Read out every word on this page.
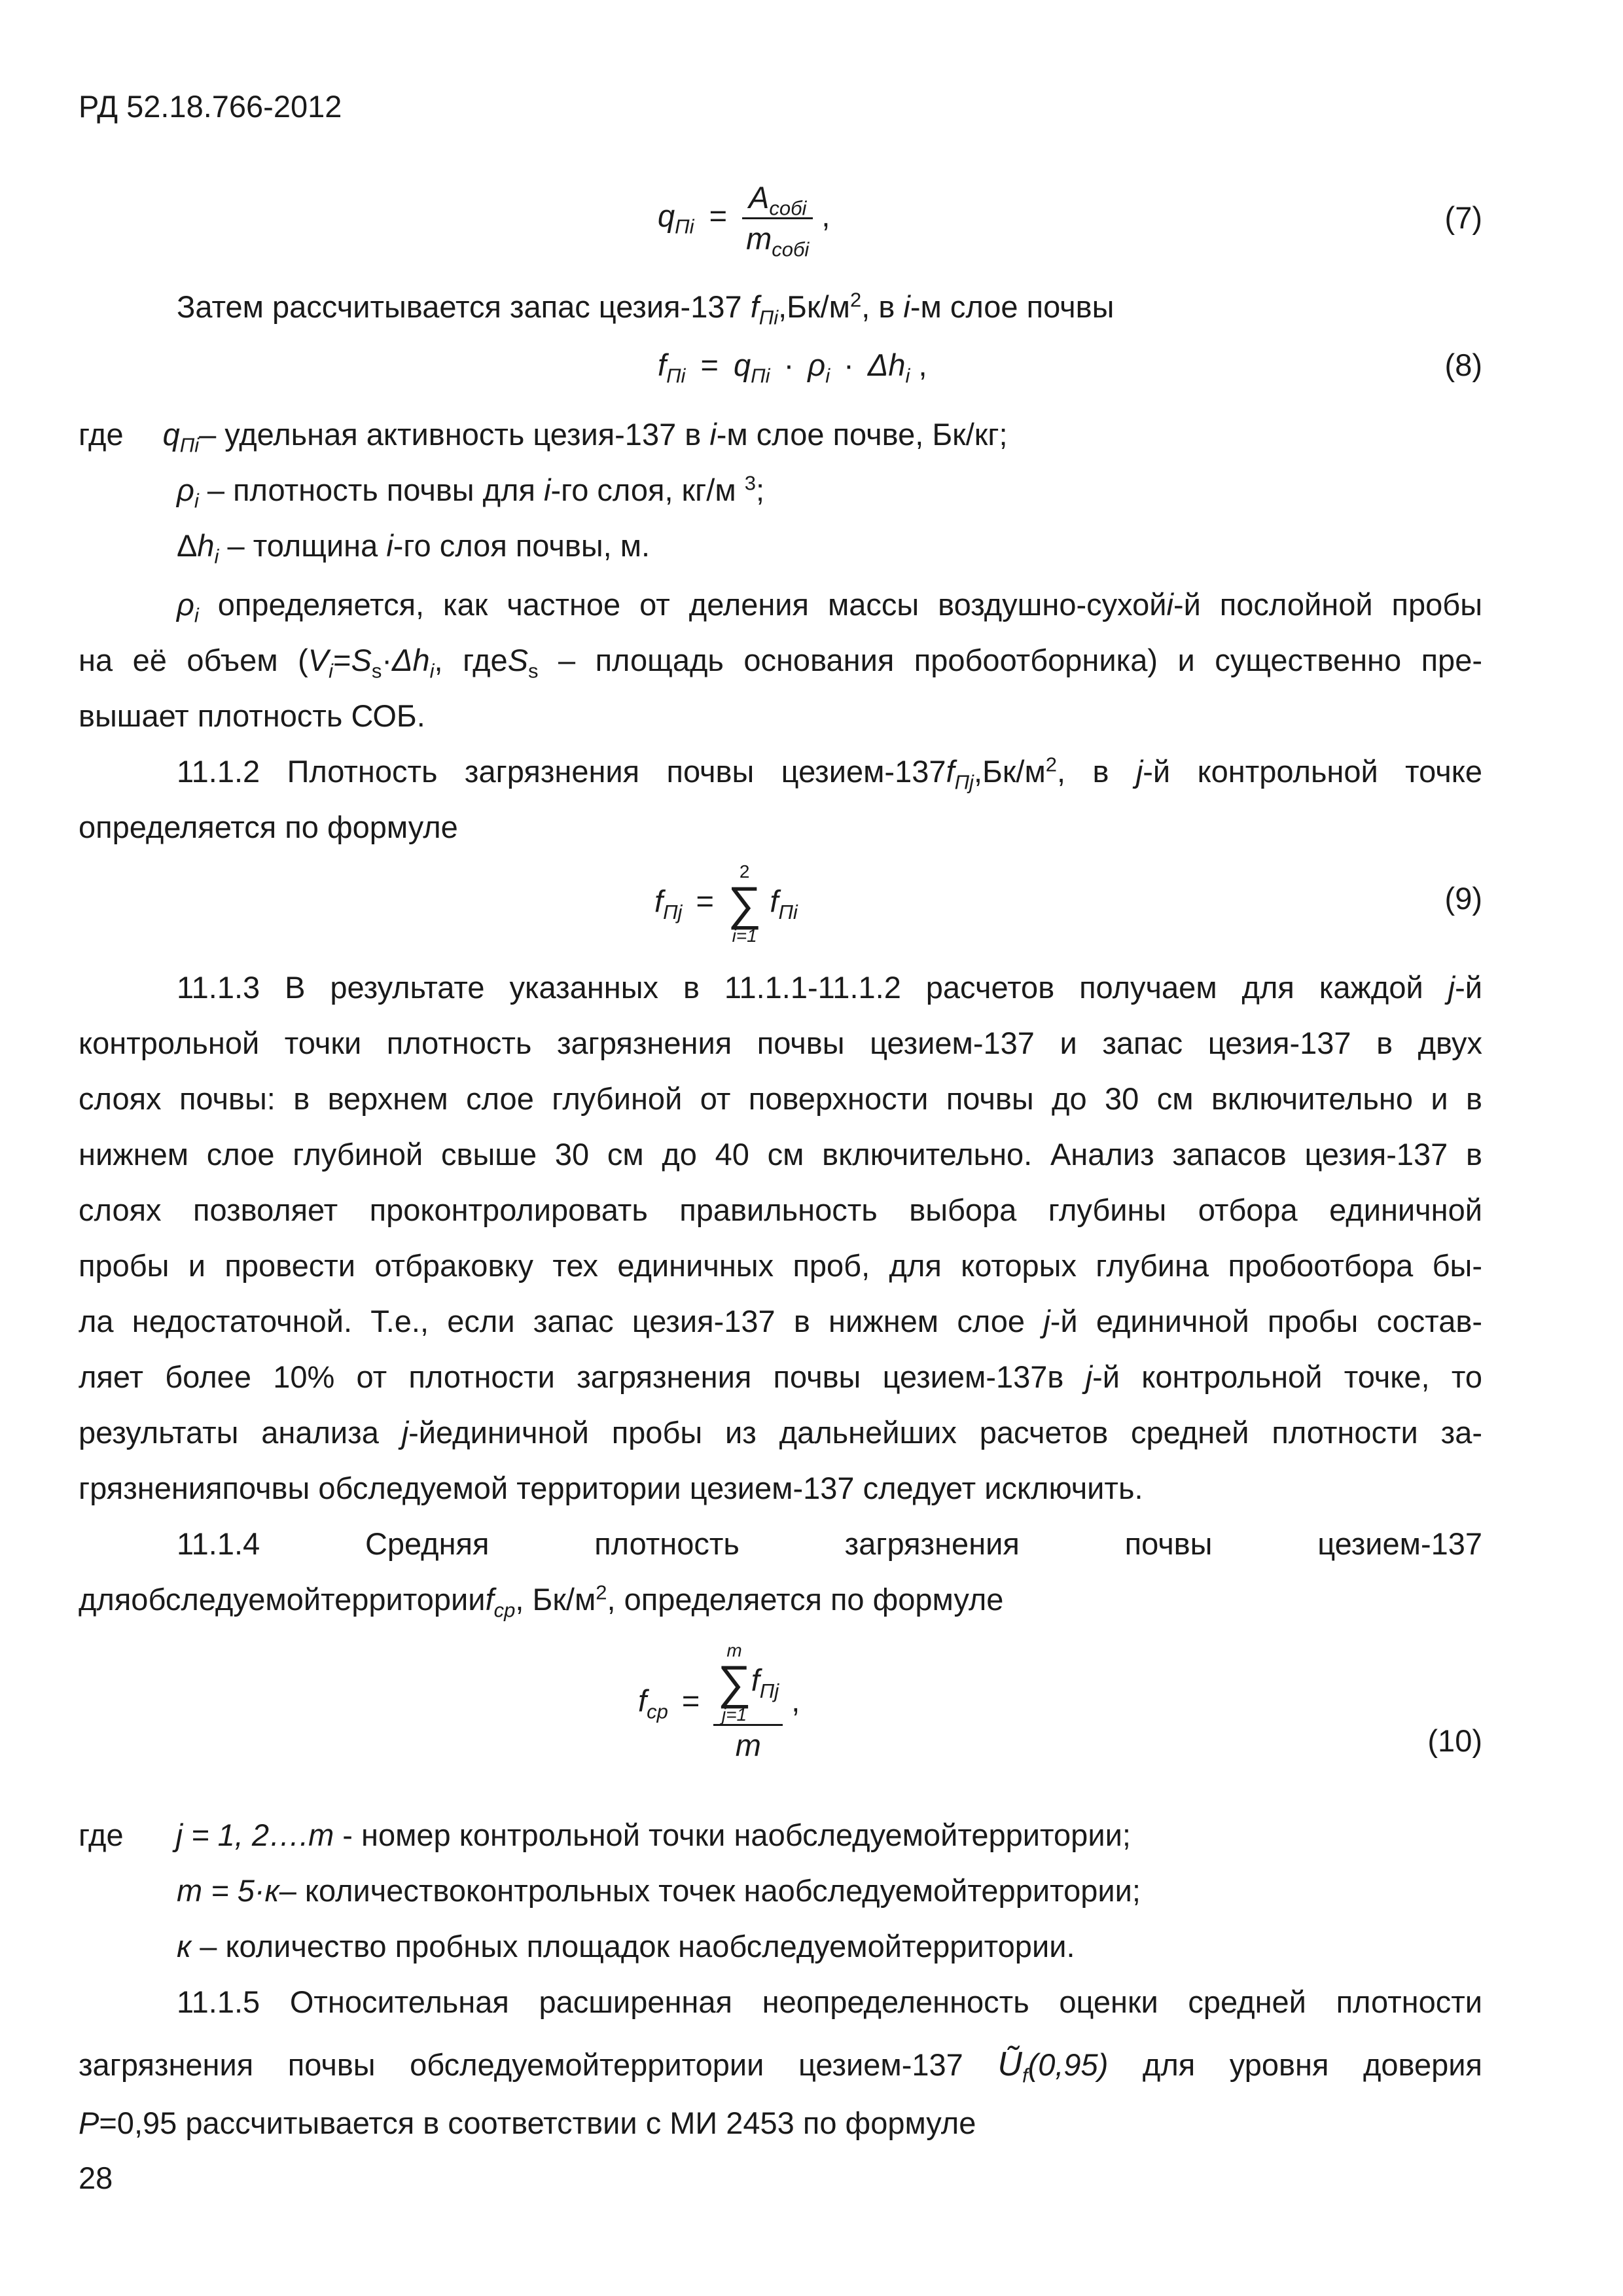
РД 52.18.766-2012
$q_{Пi} = \frac{A_{собi}}{m_{собi}}$ ,	(7)
Затем рассчитывается запас цезия-137 $f_{Пi},Бк/м^2$, в i-м слое почвы
$f_{Пi} = q_{Пi} \cdot \rho_i \cdot \Delta h_i$ ,	(8)
где $q_{Пi}-$ удельная активность цезия-137 в i-м слое почве, Бк/кг;
$\rho_i$ – плотность почвы для i-го слоя, кг/м $^3$;
$\Delta h_i$ – толщина i-го слоя почвы, м.
$\rho_i$ определяется, как частное от деления массы воздушно-сухойi-й послойной пробы
на её объем ($V_i=S_s\cdot\Delta h_i$, гдеS$_s$ – площадь основания пробоотборника) и существенно пре-
вышает плотность СОБ.
11.1.2 Плотность загрязнения почвы цезием-$137f_{Пj},Бк/м^2$, в j-й контрольной точке
определяется по формуле
$f_{Пj}$ =
2
∑
i=1
$f_{Пi}$	(9)
11.1.3 В результате указанных в 11.1.1-11.1.2 расчетов получаем для каждой j-й
контрольной точки плотность загрязнения почвы цезием-137 и запас цезия-137 в двух
слоях почвы: в верхнем слое глубиной от поверхности почвы до 30 см включительно и в
нижнем слое глубиной свыше 30 см до 40 см включительно. Анализ запасов цезия-137 в
слоях позволяет проконтролировать правильность выбора глубины отбора единичной
пробы и провести отбраковку тех единичных проб, для которых глубина пробоотбора бы-
ла недостаточной. Т.е., если запас цезия-137 в нижнем слое j-й единичной пробы состав-
ляет более 10% от плотности загрязнения почвы цезием-137в j-й контрольной точке, то
результаты анализа j-йединичной пробы из дальнейших расчетов средней плотности за-
грязненияпочвы обследуемой территории цезием-137 следует исключить.
11.1.4	Средняя	плотность	загрязнения	почвы	цезием-137
дляобследуемойтерриторииf$_{ср}$, $Бк/м^2$, определяется по формуле
$f_{ср} = m$
∑
j=1
$f_{Пj}$
m ,
(10)
где j = 1, 2….m - номер контрольной точки наобследуемойтерритории;
m = 5·к– количествоконтрольных точек наобследуемойтерритории;
к – количество пробных площадок наобследуемойтерритории.
11.1.5 Относительная расширенная неопределенность оценки средней плотности
загрязнения почвы обследуемойтерритории цезием-137 $Ũ_f(0,95)$ для уровня доверия
P=0,95 рассчитывается в соответствии с МИ 2453 по формуле
28
